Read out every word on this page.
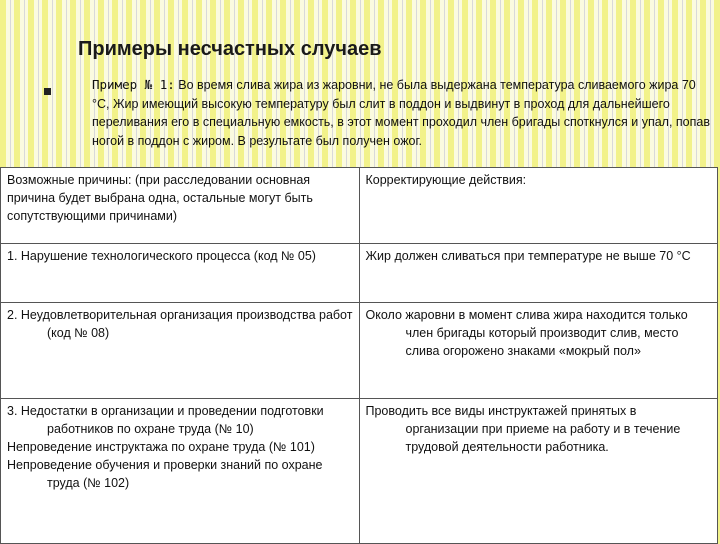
Примеры несчастных случаев

Пример № 1: Во время слива жира из жаровни, не была выдержана температура сливаемого жира 70 °С, Жир имеющий высокую температуру был слит в поддон и выдвинут в проход для дальнейшего переливания его в специальную емкость, в этот момент проходил член бригады споткнулся и упал, попав ногой в поддон с жиром. В результате был получен ожог.

Возможные причины: (при расследовании основная причина будет выбрана одна, остальные могут быть сопутствующими причинами)	Корректирующие действия:

1. Нарушение технологического процесса (код № 05)	Жир должен сливаться при температуре не выше 70 °С

2. Неудовлетворительная организация производства работ (код № 08)	Около жаровни в момент слива жира находится только член бригады который производит слив, место слива огорожено знаками «мокрый пол»

3. Недостатки в организации и проведении подготовки работников по охране труда (№ 10)
Непроведение инструктажа по охране труда (№ 101)
Непроведение обучения и проверки знаний по охране труда (№ 102)	Проводить все виды инструктажей принятых в организации при приеме на работу и в течение трудовой деятельности работника.
